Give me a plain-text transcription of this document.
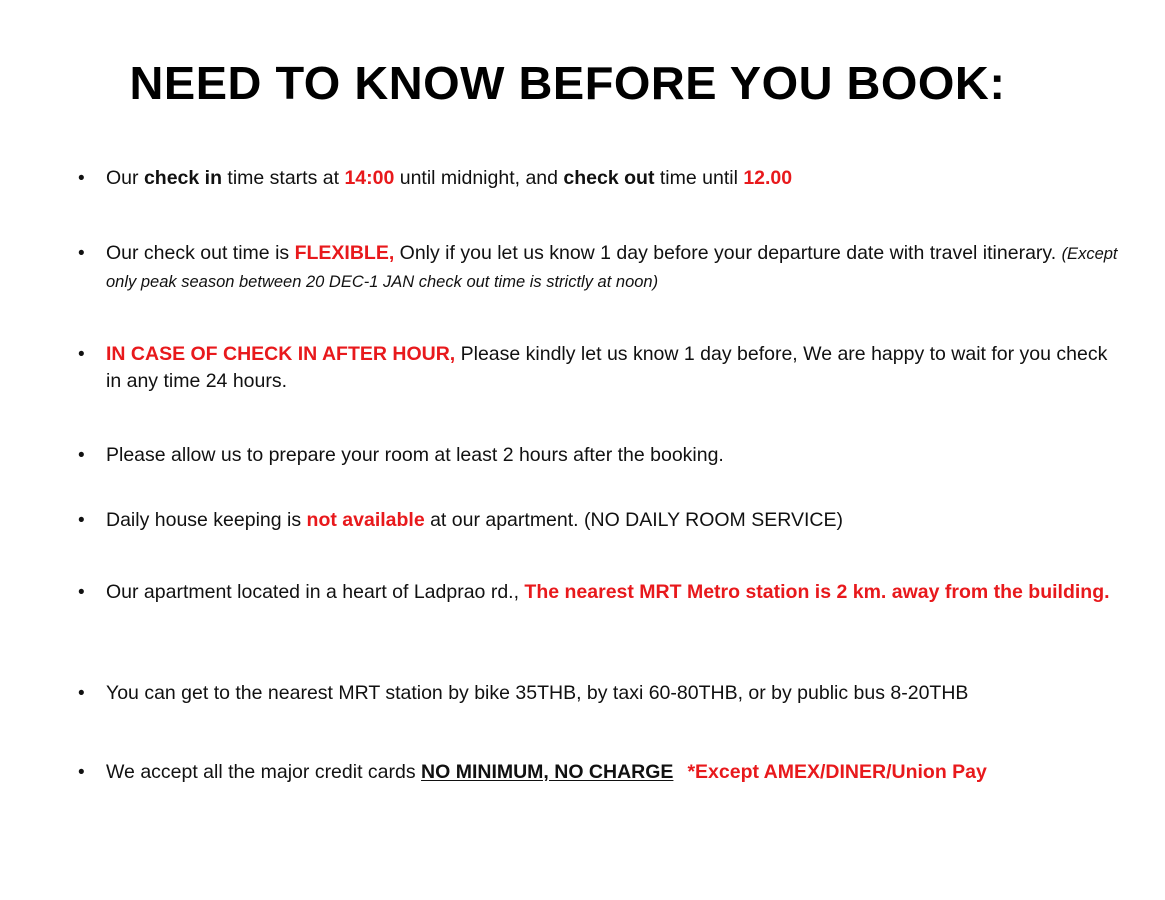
NEED TO KNOW BEFORE YOU BOOK:
•	Our check in time starts at 14:00 until midnight, and check out time until 12.00
•	Our check out time is FLEXIBLE, Only if you let us know 1 day before your departure date with travel itinerary. (Except only peak season between 20 DEC-1 JAN check out time is strictly at noon)
•	IN CASE OF CHECK IN AFTER HOUR, Please kindly let us know 1 day before, We are happy to wait for you check in any time 24 hours.
•	Please allow us to prepare your room at least 2 hours after the booking.
•	Daily house keeping is not available at our apartment. (NO DAILY ROOM SERVICE)
•	Our apartment located in a heart of Ladprao rd., The nearest MRT Metro station is 2 km. away from the building.
•	You can get to the nearest MRT station by bike 35THB, by taxi 60-80THB, or by public bus 8-20THB
•	We accept all the major credit cards NO MINIMUM, NO CHARGE *Except AMEX/DINER/Union Pay
